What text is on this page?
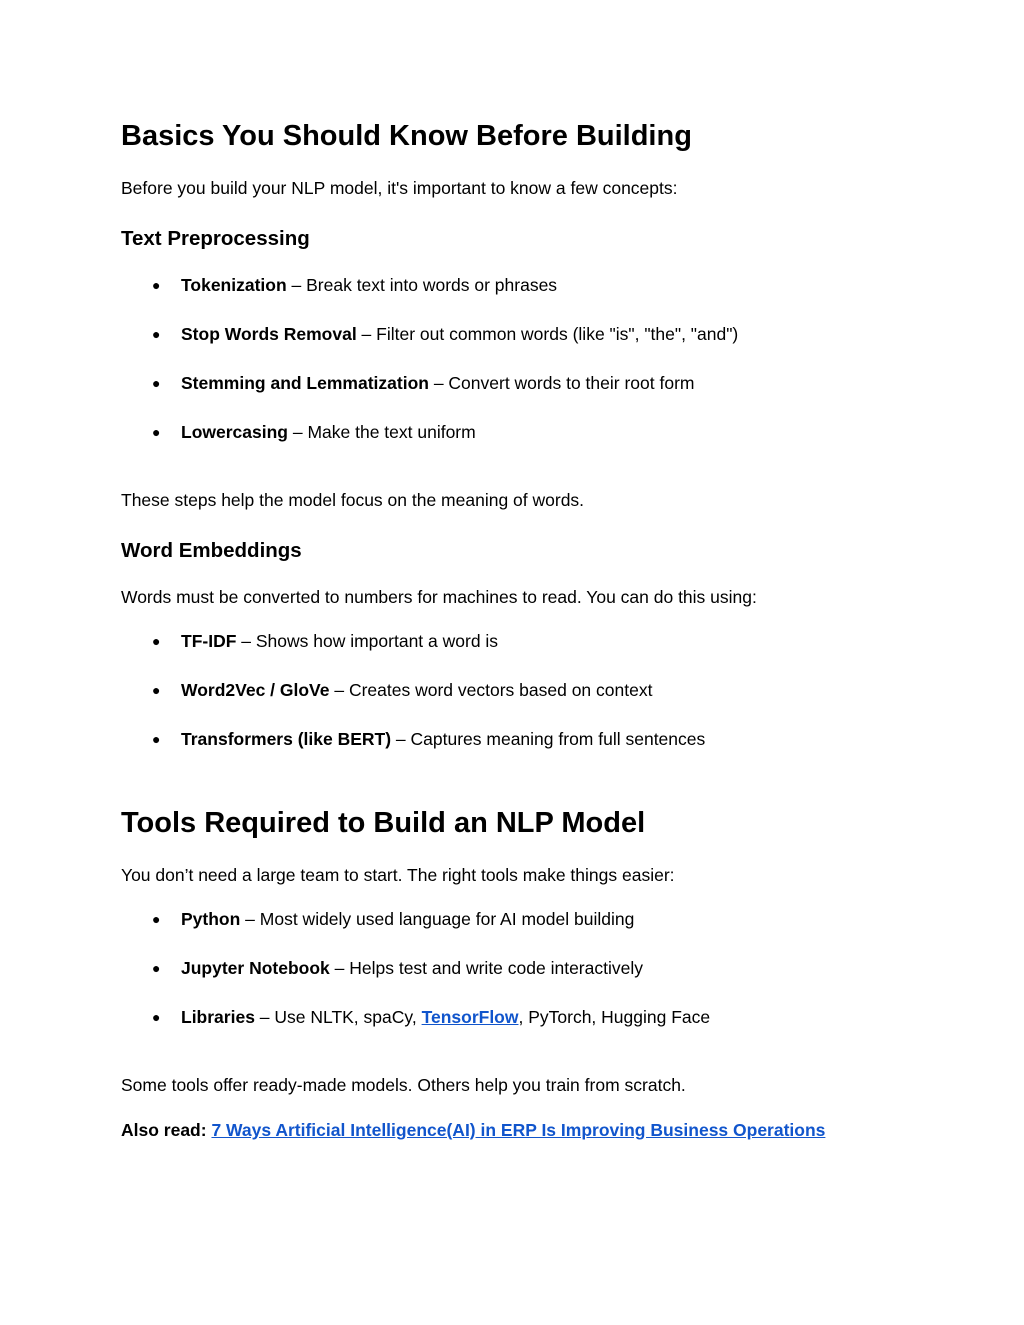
Basics You Should Know Before Building

Before you build your NLP model, it's important to know a few concepts:

Text Preprocessing
● Tokenization – Break text into words or phrases
● Stop Words Removal – Filter out common words (like "is", "the", "and")
● Stemming and Lemmatization – Convert words to their root form
● Lowercasing – Make the text uniform

These steps help the model focus on the meaning of words.

Word Embeddings

Words must be converted to numbers for machines to read. You can do this using:

● TF-IDF – Shows how important a word is
● Word2Vec / GloVe – Creates word vectors based on context
● Transformers (like BERT) – Captures meaning from full sentences
Tools Required to Build an NLP Model

You don’t need a large team to start. The right tools make things easier:

● Python – Most widely used language for AI model building
● Jupyter Notebook – Helps test and write code interactively
● Libraries – Use NLTK, spaCy, TensorFlow, PyTorch, Hugging Face

Some tools offer ready-made models. Others help you train from scratch.

Also read: 7 Ways Artificial Intelligence(AI) in ERP Is Improving Business Operations
